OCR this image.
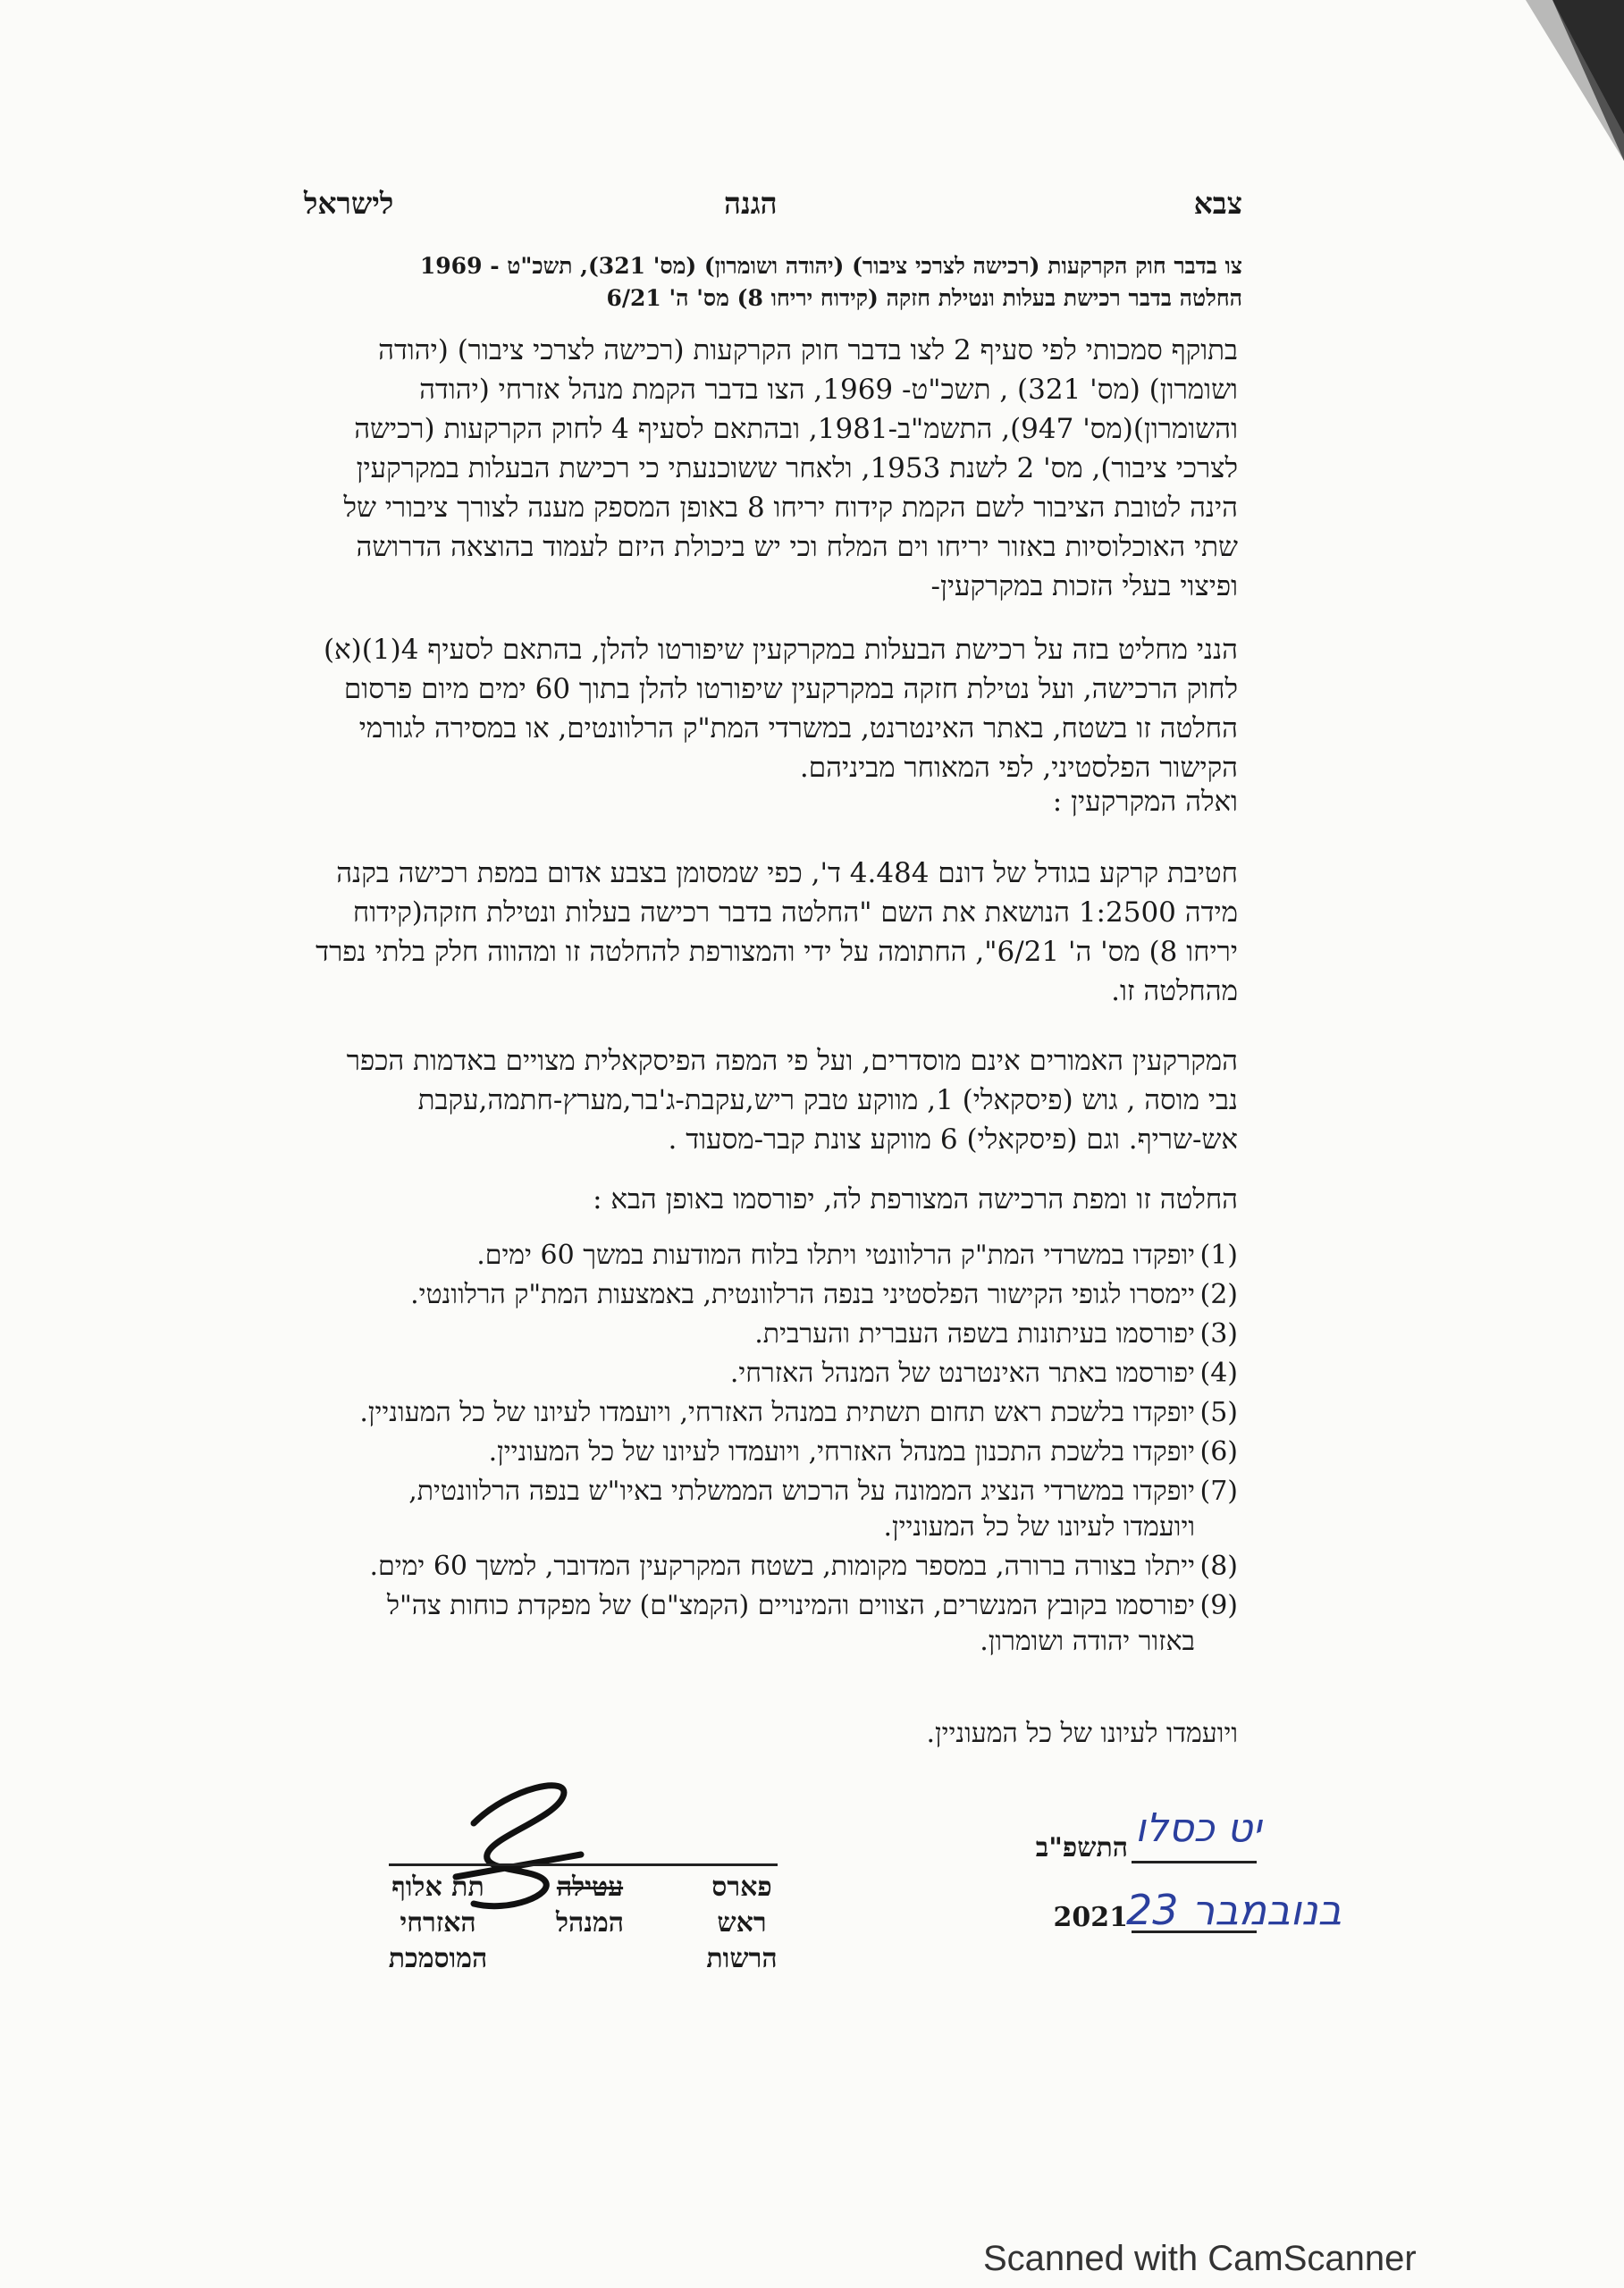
צבא
הגנה
לישראל
צו בדבר חוק הקרקעות (רכישה לצרכי ציבור) (יהודה ושומרון) (מס' 321), תשכ"ט - 1969
החלטה בדבר רכישת בעלות ונטילת חזקה (קידוח יריחו 8) מס' ה' 6/21
בתוקף סמכותי לפי סעיף 2 לצו בדבר חוק הקרקעות (רכישה לצרכי ציבור) (יהודה ושומרון) (מס' 321) , תשכ"ט- 1969, הצו בדבר הקמת מנהל אזרחי (יהודה והשומרון)(מס' 947), התשמ"ב-1981, ובהתאם לסעיף 4 לחוק הקרקעות (רכישה לצרכי ציבור), מס' 2 לשנת 1953, ולאחר ששוכנעתי כי רכישת הבעלות במקרקעין הינה לטובת הציבור לשם הקמת קידוח יריחו 8 באופן המספק מענה לצורך ציבורי של שתי האוכלוסיות באזור יריחו וים המלח וכי יש ביכולת היזם לעמוד בהוצאה הדרושה ופיצוי בעלי הזכות במקרקעין-
הנני מחליט בזה על רכישת הבעלות במקרקעין שיפורטו להלן, בהתאם לסעיף 4(1)(א) לחוק הרכישה, ועל נטילת חזקה במקרקעין שיפורטו להלן בתוך 60 ימים מיום פרסום החלטה זו בשטח, באתר האינטרנט, במשרדי המת"ק הרלוונטים, או במסירה לגורמי הקישור הפלסטיני, לפי המאוחר מביניהם.
ואלה המקרקעין :
חטיבת קרקע בגודל של דונם 4.484 ד', כפי שמסומן בצבע אדום במפת רכישה בקנה מידה 1:2500 הנושאת את השם "החלטה בדבר רכישה בעלות ונטילת חזקה(קידוח יריחו 8) מס' ה' 6/21", החתומה על ידי והמצורפת להחלטה זו ומהווה חלק בלתי נפרד מהחלטה זו.
המקרקעין האמורים אינם מוסדרים, ועל פי המפה הפיסקאלית מצויים באדמות הכפר נבי מוסה , גוש (פיסקאלי) 1, מווקע טבק ריש,עקבת-ג'בר,מערץ-חתמה,עקבת אש-שריף. וגם (פיסקאלי) 6 מווקע צונת קבר-מסעוד .
החלטה זו ומפת הרכישה המצורפת לה, יפורסמו באופן הבא :
(1)
יופקדו במשרדי המת"ק הרלוונטי ויתלו בלוח המודעות במשך 60 ימים.
(2)
יימסרו לגופי הקישור הפלסטיני בנפה הרלוונטית, באמצעות המת"ק הרלוונטי.
(3)
יפורסמו בעיתונות בשפה העברית והערבית.
(4)
יפורסמו באתר האינטרנט של המנהל האזרחי.
(5)
יופקדו בלשכת ראש תחום תשתית במנהל האזרחי, ויועמדו לעיונו של כל המעוניין.
(6)
יופקדו בלשכת התכנון במנהל האזרחי, ויועמדו לעיונו של כל המעוניין.
(7)
יופקדו במשרדי הנציג הממונה על הרכוש הממשלתי באיו"ש בנפה הרלוונטית, ויועמדו לעיונו של כל המעוניין.
(8)
ייתלו בצורה ברורה, במספר מקומות, בשטח המקרקעין המדובר, למשך 60 ימים.
(9)
יפורסמו בקובץ המנשרים, הצווים והמינויים (הקמצ"ם) של מפקדת כוחות צה"ל באזור יהודה ושומרון.
ויועמדו לעיונו של כל המעוניין.
פארס
ראש
הרשות
עטילה
המנהל
תת אלוף
האזרחי
המוסמכת
התשפ"ב יט כסלו
2021
23 בנובמבר
Scanned with CamScanner
